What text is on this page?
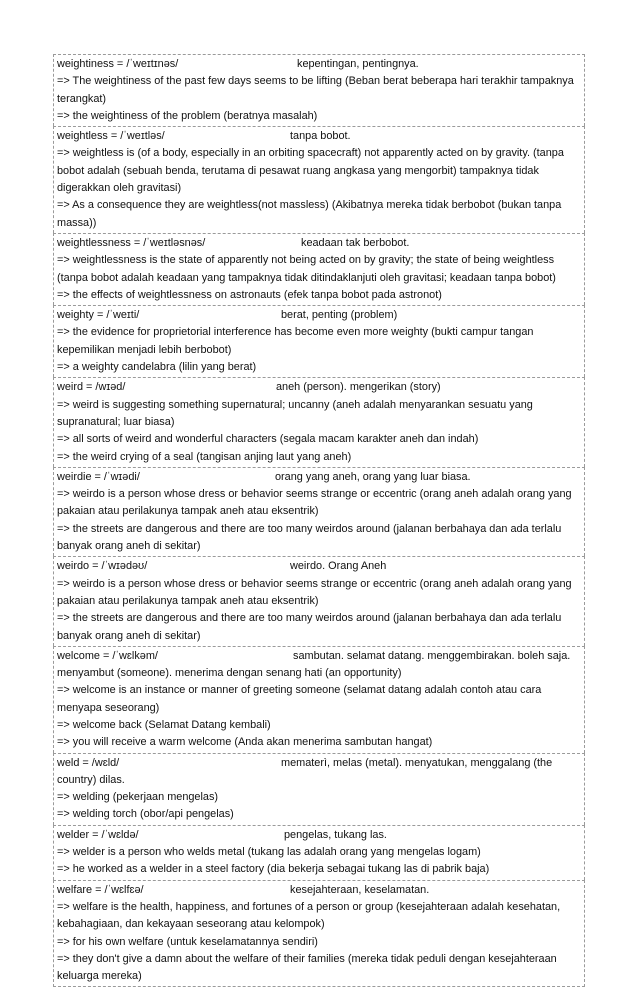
weightiness = /ˈweɪtɪnəs/	kepentingan, pentingnya.
=> The weightiness of the past few days seems to be lifting (Beban berat beberapa hari terakhir tampaknya
terangkat)
=> the weightiness of the problem (beratnya masalah)
weightless = /ˈweɪtləs/	tanpa bobot.
=> weightless is (of a body, especially in an orbiting spacecraft) not apparently acted on by gravity. (tanpa
bobot adalah (sebuah benda, terutama di pesawat ruang angkasa yang mengorbit) tampaknya tidak
digerakkan oleh gravitasi)
=> As a consequence they are weightless(not massless) (Akibatnya mereka tidak berbobot (bukan tanpa
massa))
weightlessness = /ˈweɪtləsnəs/	keadaan tak berbobot.
=> weightlessness is the state of apparently not being acted on by gravity; the state of being weightless
(tanpa bobot adalah keadaan yang tampaknya tidak ditindaklanjuti oleh gravitasi; keadaan tanpa bobot)
=> the effects of weightlessness on astronauts (efek tanpa bobot pada astronot)
weighty = /ˈweɪti/	berat, penting (problem)
=> the evidence for proprietorial interference has become even more weighty (bukti campur tangan
kepemilikan menjadi lebih berbobot)
=> a weighty candelabra (lilin yang berat)
weird = /wɪəd/	aneh (person). mengerikan (story)
=> weird is suggesting something supernatural; uncanny (aneh adalah menyarankan sesuatu yang
supranatural; luar biasa)
=> all sorts of weird and wonderful characters (segala macam karakter aneh dan indah)
=> the weird crying of a seal (tangisan anjing laut yang aneh)
weirdie = /ˈwɪədi/	orang yang aneh, orang yang luar biasa.
=> weirdo is a person whose dress or behavior seems strange or eccentric (orang aneh adalah orang yang
pakaian atau perilakunya tampak aneh atau eksentrik)
=> the streets are dangerous and there are too many weirdos around (jalanan berbahaya dan ada terlalu
banyak orang aneh di sekitar)
weirdo = /ˈwɪədəʊ/	weirdo. Orang Aneh
=> weirdo is a person whose dress or behavior seems strange or eccentric (orang aneh adalah orang yang
pakaian atau perilakunya tampak aneh atau eksentrik)
=> the streets are dangerous and there are too many weirdos around (jalanan berbahaya dan ada terlalu
banyak orang aneh di sekitar)
welcome = /ˈwɛlkəm/	sambutan. selamat datang. menggembirakan. boleh saja.
menyambut (someone). menerima dengan senang hati (an opportunity)
=> welcome is an instance or manner of greeting someone (selamat datang adalah contoh atau cara
menyapa seseorang)
=> welcome back (Selamat Datang kembali)
=> you will receive a warm welcome (Anda akan menerima sambutan hangat)
weld = /wɛld/	mematerì, melas (metal). menyatukan, menggalang (the
country) dilas.
=> welding (pekerjaan mengelas)
=> welding torch (obor/api pengelas)
welder = /ˈwɛldə/	pengelas, tukang las.
=> welder is a person who welds metal (tukang las adalah orang yang mengelas logam)
=> he worked as a welder in a steel factory (dia bekerja sebagai tukang las di pabrik baja)
welfare = /ˈwɛlfɛə/	kesejahteraan, keselamatan.
=> welfare is the health, happiness, and fortunes of a person or group (kesejahteraan adalah kesehatan,
kebahagiaan, dan kekayaan seseorang atau kelompok)
=> for his own welfare (untuk keselamatannya sendiri)
=> they don't give a damn about the welfare of their families (mereka tidak peduli dengan kesejahteraan
keluarga mereka)
